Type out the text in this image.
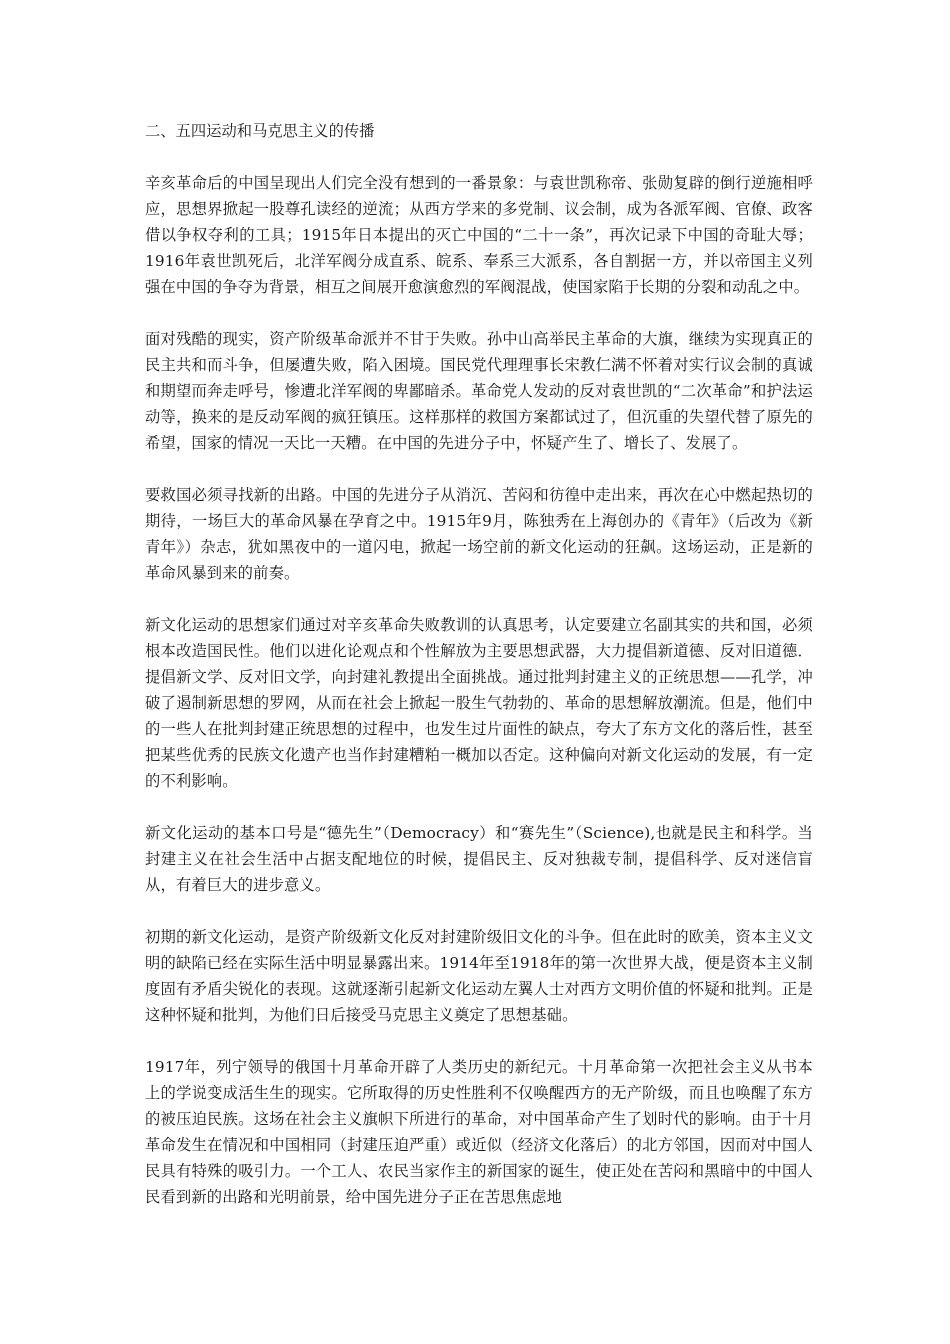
二、五四运动和马克思主义的传播

辛亥革命后的中国呈现出人们完全没有想到的一番景象：与袁世凯称帝、张勋复辟的倒行逆施相呼应，思想界掀起一股尊孔读经的逆流；从西方学来的多党制、议会制，成为各派军阀、官僚、政客借以争权夺利的工具；1915年日本提出的灭亡中国的“二十一条”，再次记录下中国的奇耻大辱；1916年袁世凯死后，北洋军阀分成直系、皖系、奉系三大派系，各自割据一方，并以帝国主义列强在中国的争夺为背景，相互之间展开愈演愈烈的军阀混战，使国家陷于长期的分裂和动乱之中。

面对残酷的现实，资产阶级革命派并不甘于失败。孙中山高举民主革命的大旗，继续为实现真正的民主共和而斗争，但屡遭失败，陷入困境。国民党代理理事长宋教仁满不怀着对实行议会制的真诚和期望而奔走呼号，惨遭北洋军阀的卑鄙暗杀。革命党人发动的反对袁世凯的“二次革命”和护法运动等，换来的是反动军阀的疯狂镇压。这样那样的救国方案都试过了，但沉重的失望代替了原先的希望，国家的情况一天比一天糟。在中国的先进分子中，怀疑产生了、增长了、发展了。

要救国必须寻找新的出路。中国的先进分子从消沉、苦闷和彷徨中走出来，再次在心中燃起热切的期待，一场巨大的革命风暴在孕育之中。1915年9月，陈独秀在上海创办的《青年》（后改为《新青年》）杂志，犹如黑夜中的一道闪电，掀起一场空前的新文化运动的狂飙。这场运动，正是新的革命风暴到来的前奏。

新文化运动的思想家们通过对辛亥革命失败教训的认真思考，认定要建立名副其实的共和国，必须根本改造国民性。他们以进化论观点和个性解放为主要思想武器，大力提倡新道德、反对旧道德．提倡新文学、反对旧文学，向封建礼教提出全面挑战。通过批判封建主义的正统思想——孔学，冲破了遏制新思想的罗网，从而在社会上掀起一股生气勃勃的、革命的思想解放潮流。但是，他们中的一些人在批判封建正统思想的过程中，也发生过片面性的缺点，夸大了东方文化的落后性，甚至把某些优秀的民族文化遗产也当作封建糟粕一概加以否定。这种偏向对新文化运动的发展，有一定的不利影响。

新文化运动的基本口号是“德先生”（Democracy）和“赛先生”（Science),也就是民主和科学。当封建主义在社会生活中占据支配地位的时候，提倡民主、反对独裁专制，提倡科学、反对迷信盲从，有着巨大的进步意义。

初期的新文化运动，是资产阶级新文化反对封建阶级旧文化的斗争。但在此时的欧美，资本主义文明的缺陷已经在实际生活中明显暴露出来。1914年至1918年的第一次世界大战，便是资本主义制度固有矛盾尖锐化的表现。这就逐渐引起新文化运动左翼人士对西方文明价值的怀疑和批判。正是这种怀疑和批判，为他们日后接受马克思主义奠定了思想基础。

1917年，列宁领导的俄国十月革命开辟了人类历史的新纪元。十月革命第一次把社会主义从书本上的学说变成活生生的现实。它所取得的历史性胜利不仅唤醒西方的无产阶级，而且也唤醒了东方的被压迫民族。这场在社会主义旗帜下所进行的革命，对中国革命产生了划时代的影响。由于十月革命发生在情况和中国相同（封建压迫严重）或近似（经济文化落后）的北方邻国，因而对中国人民具有特殊的吸引力。一个工人、农民当家作主的新国家的诞生，使正处在苦闷和黑暗中的中国人民看到新的出路和光明前景，给中国先进分子正在苦思焦虑地
